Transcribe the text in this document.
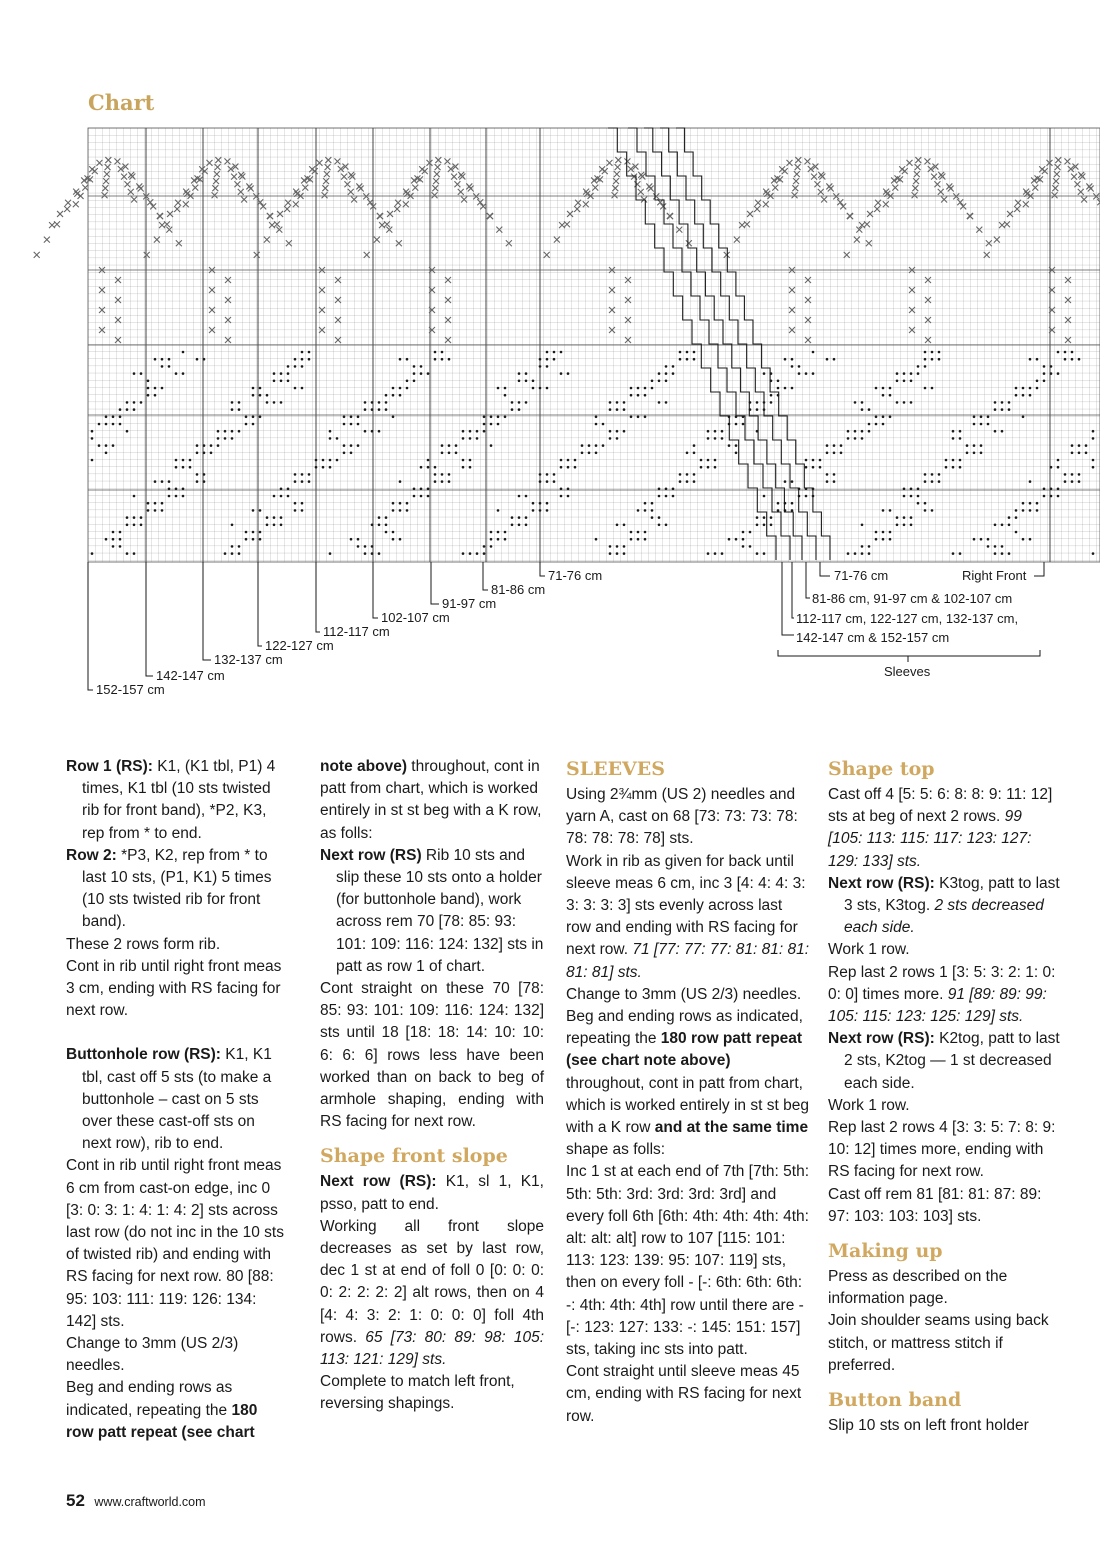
Chart
71-76 cm
81-86 cm
91-97 cm
102-107 cm
112-117 cm
122-127 cm
132-137 cm
142-147 cm
152-157 cm
71-76 cm	Right Front
81-86 cm, 91-97 cm & 102-107 cm
112-117 cm, 122-127 cm, 132-137 cm,
142-147 cm & 152-157 cm
Sleeves

Row 1 (RS): K1, (K1 tbl, P1) 4 times, K1 tbl (10 sts twisted rib for front band), *P2, K3, rep from * to end.

Row 2: *P3, K2, rep from * to last 10 sts, (P1, K1) 5 times (10 sts twisted rib for front band).

These 2 rows form rib.

Cont in rib until right front meas 3 cm, ending with RS facing for next row.

Buttonhole row (RS): K1, K1 tbl, cast off 5 sts (to make a buttonhole – cast on 5 sts over these cast-off sts on next row), rib to end.

Cont in rib until right front meas 6 cm from cast-on edge, inc 0 [3: 0: 3: 1: 4: 1: 4: 2] sts across last row (do not inc in the 10 sts of twisted rib) and ending with RS facing for next row. 80 [88: 95: 103: 111: 119: 126: 134: 142] sts.

Change to 3mm (US 2/3) needles.

Beg and ending rows as indicated, repeating the 180 row patt repeat (see chart

note above) throughout, cont in patt from chart, which is worked entirely in st st beg with a K row, as folls:

Next row (RS) Rib 10 sts and slip these 10 sts onto a holder (for buttonhole band), work across rem 70 [78: 85: 93: 101: 109: 116: 124: 132] sts in patt as row 1 of chart.

Cont straight on these 70 [78: 85: 93: 101: 109: 116: 124: 132] sts until 18 [18: 18: 14: 10: 10: 6: 6: 6] rows less have been worked than on back to beg of armhole shaping, ending with RS facing for next row.

Shape front slope

Next row (RS): K1, sl 1, K1, psso, patt to end.

Working all front slope decreases as set by last row, dec 1 st at end of foll 0 [0: 0: 0: 0: 2: 2: 2: 2] alt rows, then on 4 [4: 4: 3: 2: 1: 0: 0: 0] foll 4th rows. 65 [73: 80: 89: 98: 105: 113: 121: 129] sts.

Complete to match left front, reversing shapings.

SLEEVES

Using 2¾mm (US 2) needles and yarn A, cast on 68 [73: 73: 73: 78: 78: 78: 78: 78] sts.

Work in rib as given for back until sleeve meas 6 cm, inc 3 [4: 4: 4: 3: 3: 3: 3: 3] sts evenly across last row and ending with RS facing for next row. 71 [77: 77: 77: 81: 81: 81: 81: 81] sts.

Change to 3mm (US 2/3) needles.

Beg and ending rows as indicated, repeating the 180 row patt repeat (see chart note above) throughout, cont in patt from chart, which is worked entirely in st st beg with a K row and at the same time shape as folls:

Inc 1 st at each end of 7th [7th: 5th: 5th: 5th: 3rd: 3rd: 3rd: 3rd] and every foll 6th [6th: 4th: 4th: 4th: 4th: alt: alt: alt] row to 107 [115: 101: 113: 123: 139: 95: 107: 119] sts, then on every foll - [-: 6th: 6th: 6th: -: 4th: 4th: 4th] row until there are - [-: 123: 127: 133: -: 145: 151: 157] sts, taking inc sts into patt.

Cont straight until sleeve meas 45 cm, ending with RS facing for next row.

Shape top

Cast off 4 [5: 5: 6: 8: 8: 9: 11: 12] sts at beg of next 2 rows. 99 [105: 113: 115: 117: 123: 127: 129: 133] sts.

Next row (RS): K3tog, patt to last 3 sts, K3tog. 2 sts decreased each side.

Work 1 row.

Rep last 2 rows 1 [3: 5: 3: 2: 1: 0: 0: 0] times more. 91 [89: 89: 99: 105: 115: 123: 125: 129] sts.

Next row (RS): K2tog, patt to last 2 sts, K2tog — 1 st decreased each side.

Work 1 row.

Rep last 2 rows 4 [3: 3: 5: 7: 8: 9: 10: 12] times more, ending with RS facing for next row.

Cast off rem 81 [81: 81: 87: 89: 97: 103: 103: 103] sts.

Making up

Press as described on the information page.

Join shoulder seams using back stitch, or mattress stitch if preferred.

Button band

Slip 10 sts on left front holder

52 www.craftworld.com
